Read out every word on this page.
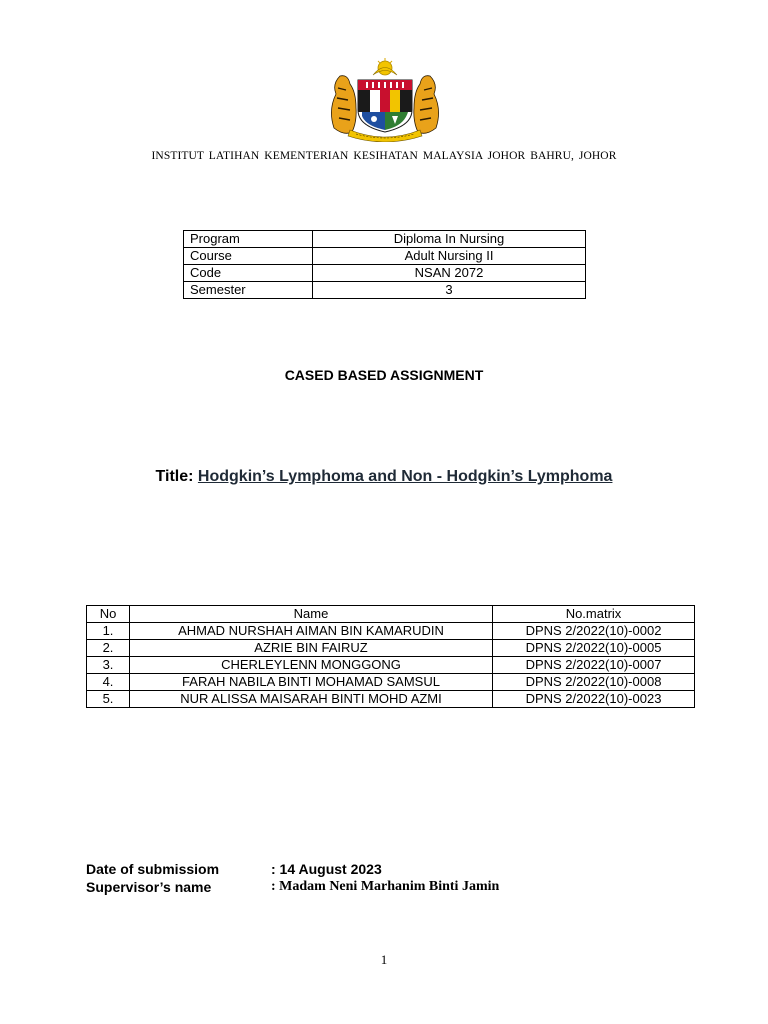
INSTITUT LATIHAN KEMENTERIAN KESIHATAN MALAYSIA JOHOR BAHRU, JOHOR
Program	Diploma In Nursing
Course	Adult Nursing II
Code	NSAN 2072
Semester	3
CASED BASED ASSIGNMENT
Title: Hodgkin’s Lymphoma and Non - Hodgkin’s Lymphoma
No	Name	No.matrix
1.	AHMAD NURSHAH AIMAN BIN KAMARUDIN	DPNS 2/2022(10)-0002
2.	AZRIE BIN FAIRUZ	DPNS 2/2022(10)-0005
3.	CHERLEYLENN MONGGONG	DPNS 2/2022(10)-0007
4.	FARAH NABILA BINTI MOHAMAD SAMSUL	DPNS 2/2022(10)-0008
5.	NUR ALISSA MAISARAH BINTI MOHD AZMI	DPNS 2/2022(10)-0023
Date of submissiom	: 14 August 2023
Supervisor’s name	: Madam Neni Marhanim Binti Jamin
1
